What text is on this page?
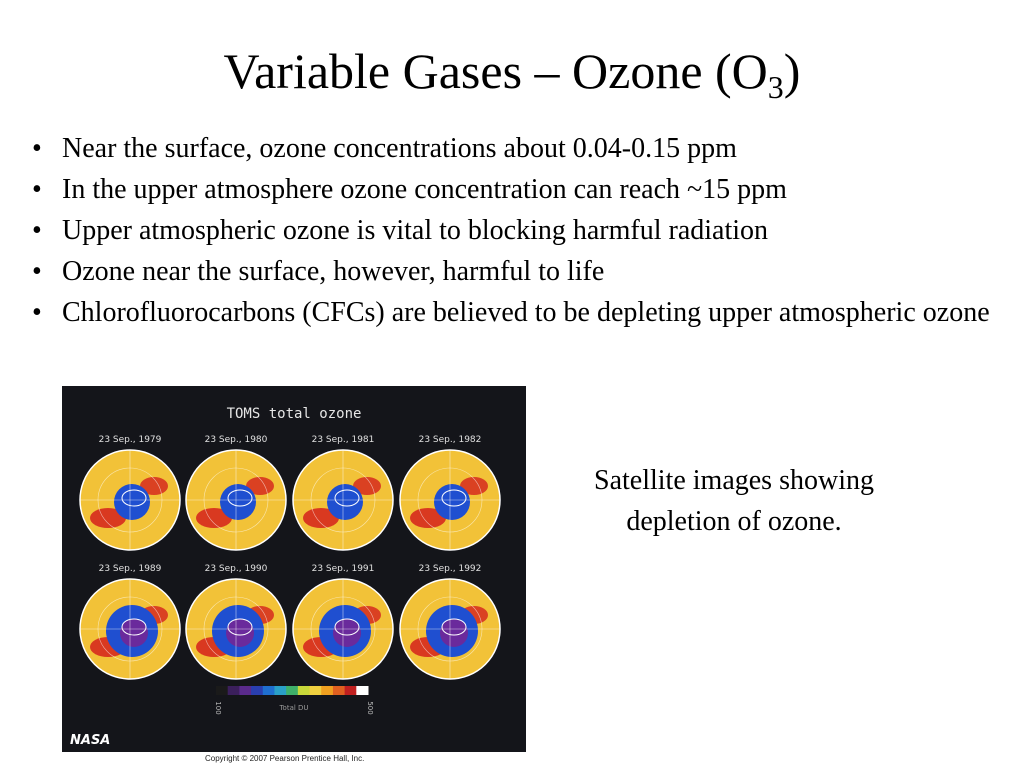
Variable Gases – Ozone $(O_3)$
• Near the surface, ozone concentrations about 0.04-0.15 ppm
• In the upper atmosphere ozone concentration can reach ~15 ppm
• Upper atmospheric ozone is vital to blocking harmful radiation
• Ozone near the surface, however, harmful to life
• Chlorofluorocarbons (CFCs) are believed to be depleting upper atmospheric ozone
TOMS total ozone
23 Sep., 1979	23 Sep., 1980	23 Sep., 1981	23 Sep., 1982
23 Sep., 1989	23 Sep., 1990	23 Sep., 1991	23 Sep., 1992
100	Total DU	500
NASA
Copyright © 2007 Pearson Prentice Hall, Inc.
Satellite images showing depletion of ozone.
